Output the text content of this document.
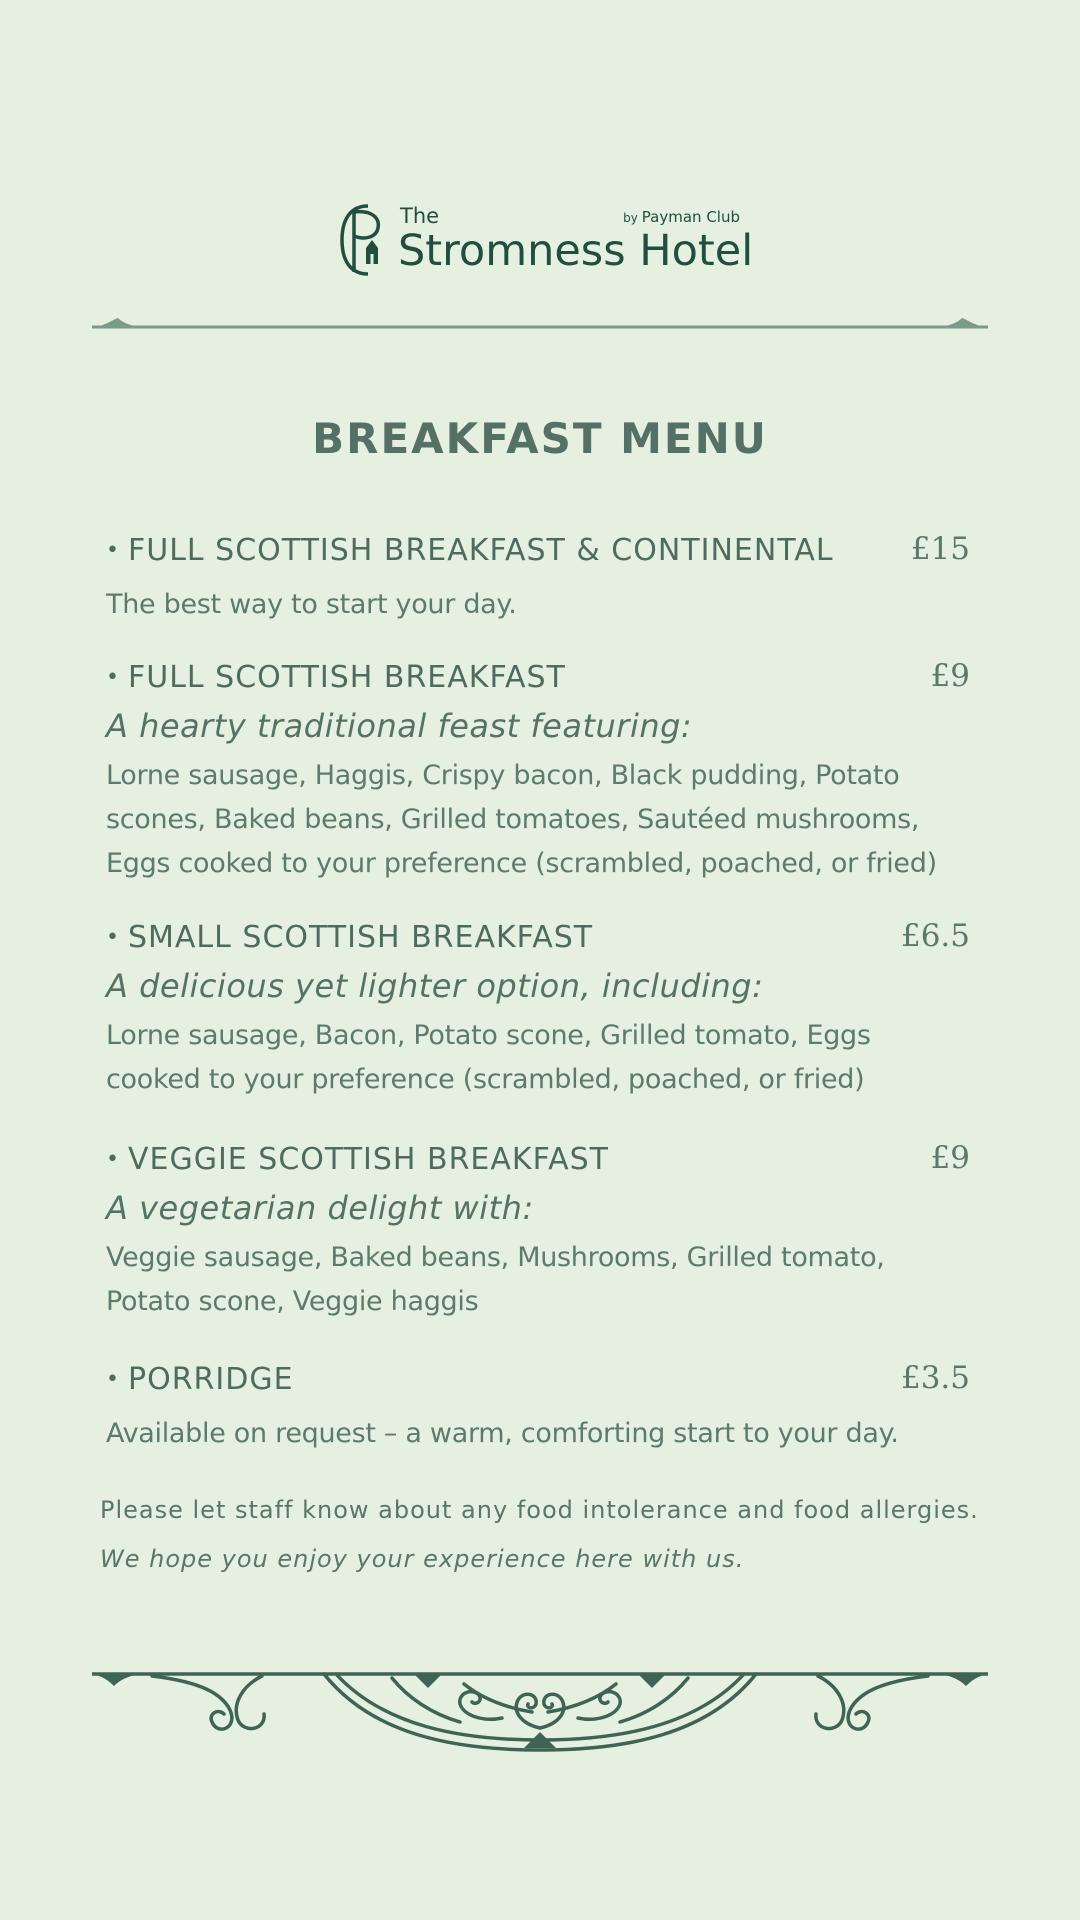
The	by Payman Club
Stromness Hotel
BREAKFAST MENU
• FULL SCOTTISH BREAKFAST & CONTINENTAL £15
The best way to start your day.
• FULL SCOTTISH BREAKFAST	£9
A hearty traditional feast featuring:
Lorne sausage, Haggis, Crispy bacon, Black pudding, Potato scones, Baked beans, Grilled tomatoes, Sautéed mushrooms, Eggs cooked to your preference (scrambled, poached, or fried)
• SMALL SCOTTISH BREAKFAST	£6.5
A delicious yet lighter option, including:
Lorne sausage, Bacon, Potato scone, Grilled tomato, Eggs cooked to your preference (scrambled, poached, or fried)
• VEGGIE SCOTTISH BREAKFAST	£9
A vegetarian delight with:
Veggie sausage, Baked beans, Mushrooms, Grilled tomato, Potato scone, Veggie haggis
• PORRIDGE	£3.5
Available on request – a warm, comforting start to your day.
Please let staff know about any food intolerance and food allergies.
We hope you enjoy your experience here with us.
